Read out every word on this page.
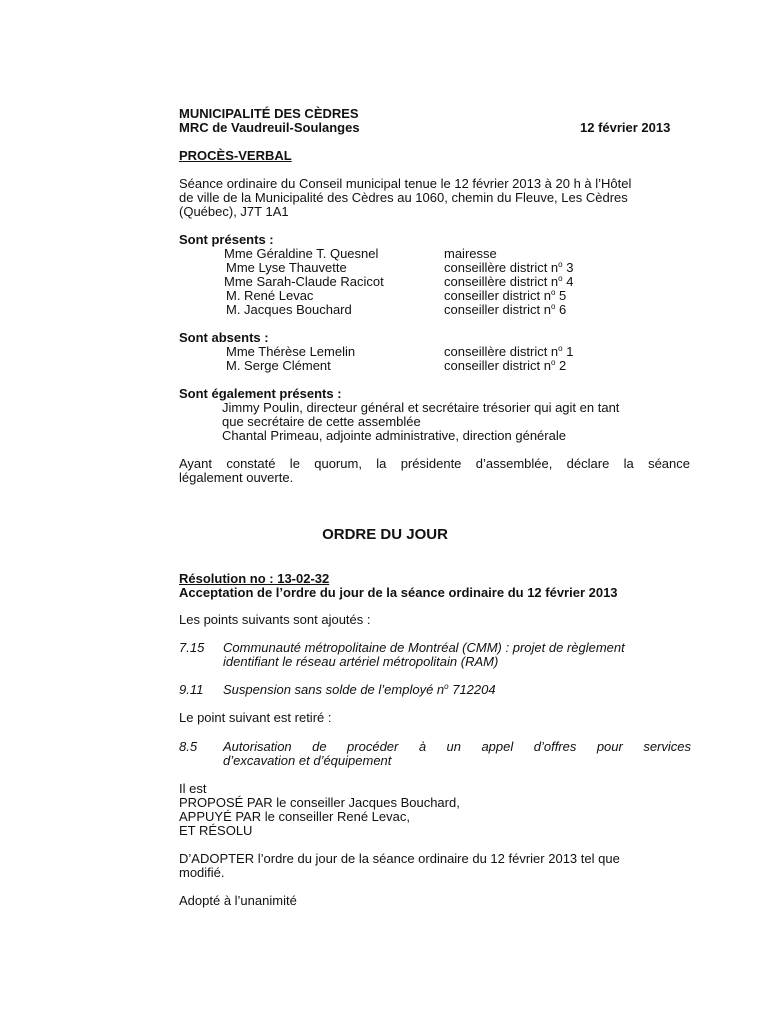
MUNICIPALITÉ DES CÈDRES
MRC de Vaudreuil-Soulanges	12 février 2013
PROCÈS-VERBAL
Séance ordinaire du Conseil municipal tenue le 12 février 2013 à 20 h à l’Hôtel
de ville de la Municipalité des Cèdres au 1060, chemin du Fleuve, Les Cèdres
(Québec), J7T 1A1
Sont présents :
Mme Géraldine T. Quesnel	mairesse
Mme Lyse Thauvette	conseillère district $n^o$ 3
Mme Sarah-Claude Racicot	conseillère district $n^o$ 4
M. René Levac	conseiller district $n^o$ 5
M. Jacques Bouchard	conseiller district $n^o$ 6
Sont absents :
Mme Thérèse Lemelin	conseillère district $n^o$ 1
M. Serge Clément	conseiller district $n^o$ 2
Sont également présents :
Jimmy Poulin, directeur général et secrétaire trésorier qui agit en tant
que secrétaire de cette assemblée
Chantal Primeau, adjointe administrative, direction générale
Ayant constaté le quorum, la présidente d’assemblée, déclare la séance
légalement ouverte.
ORDRE DU JOUR
Résolution no : 13-02-32
Acceptation de l’ordre du jour de la séance ordinaire du 12 février 2013
Les points suivants sont ajoutés :
7.15 Communauté métropolitaine de Montréal (CMM) : projet de règlement
identifiant le réseau artériel métropolitain (RAM)
9.11 Suspension sans solde de l’employé $n^o$ 712204
Le point suivant est retiré :
8.5 Autorisation de procéder à un appel d’offres pour services
d’excavation et d’équipement
Il est
PROPOSÉ PAR le conseiller Jacques Bouchard,
APPUYÉ PAR le conseiller René Levac,
ET RÉSOLU
D’ADOPTER l’ordre du jour de la séance ordinaire du 12 février 2013 tel que
modifié.
Adopté à l’unanimité
